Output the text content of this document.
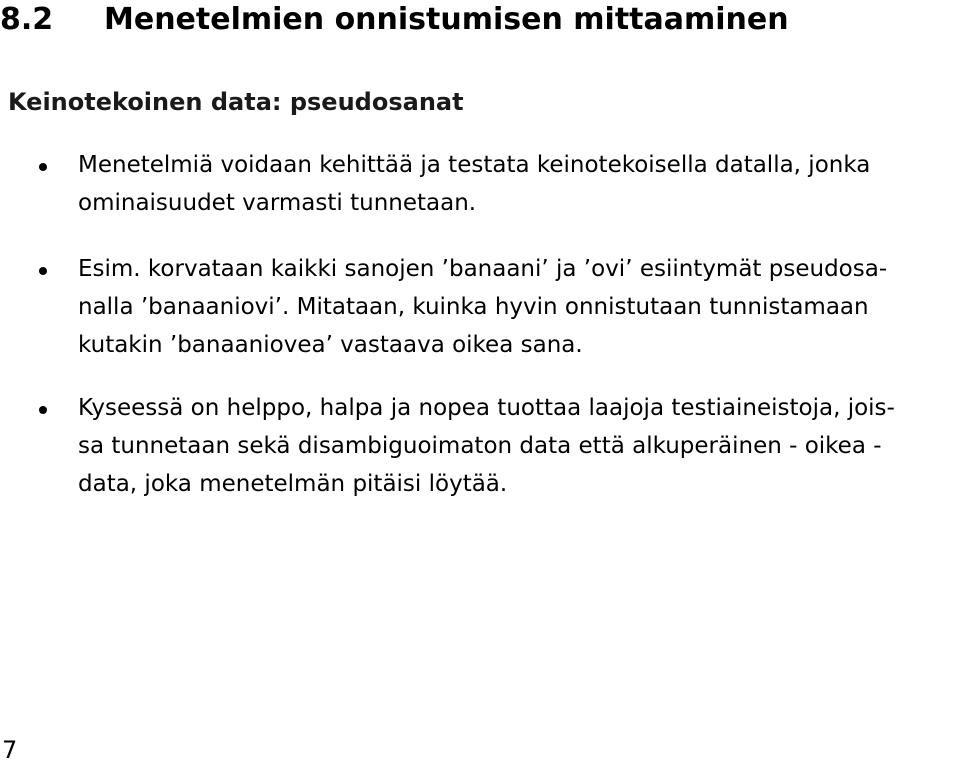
8.2 Menetelmien onnistumisen mittaaminen
Keinotekoinen data: pseudosanat
Menetelmiä voidaan kehittää ja testata keinotekoisella datalla, jonka
ominaisuudet varmasti tunnetaan.
Esim. korvataan kaikki sanojen ’banaani’ ja ’ovi’ esiintymät pseudosa-
nalla ’banaaniovi’. Mitataan, kuinka hyvin onnistutaan tunnistamaan
kutakin ’banaaniovea’ vastaava oikea sana.
Kyseessä on helppo, halpa ja nopea tuottaa laajoja testiaineistoja, jois-
sa tunnetaan sekä disambiguoimaton data että alkuperäinen - oikea -
data, joka menetelmän pitäisi löytää.
7
